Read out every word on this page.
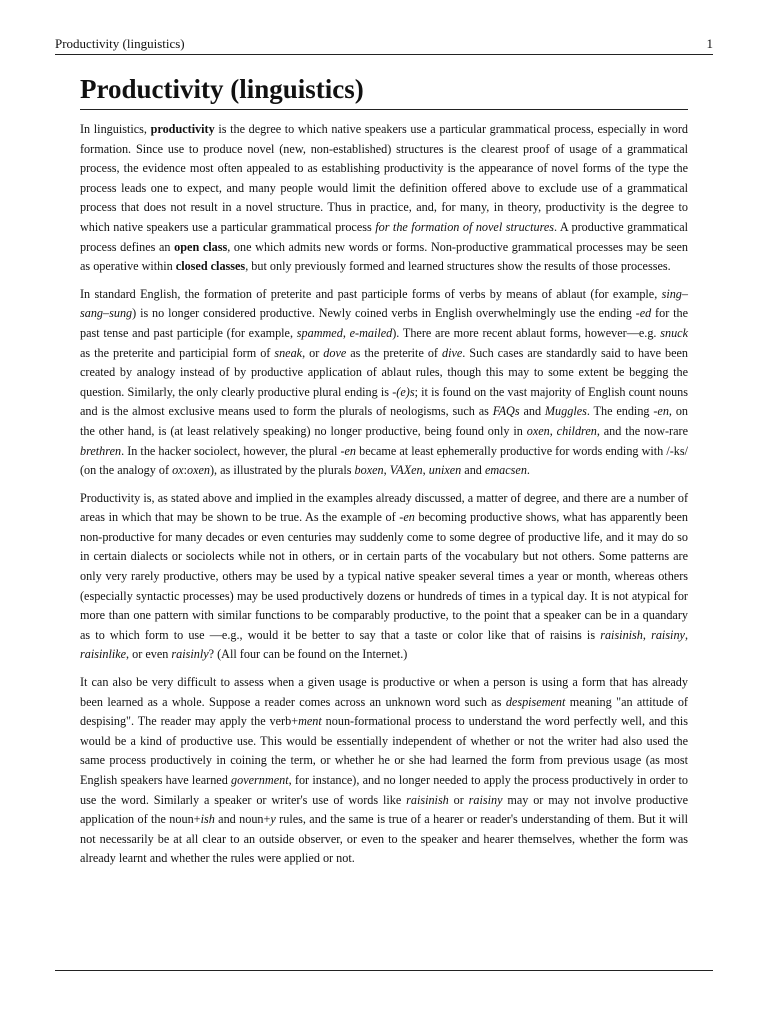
Productivity (linguistics)	1
Productivity (linguistics)

In linguistics, productivity is the degree to which native speakers use a particular grammatical process, especially in word formation. Since use to produce novel (new, non-established) structures is the clearest proof of usage of a grammatical process, the evidence most often appealed to as establishing productivity is the appearance of novel forms of the type the process leads one to expect, and many people would limit the definition offered above to exclude use of a grammatical process that does not result in a novel structure. Thus in practice, and, for many, in theory, productivity is the degree to which native speakers use a particular grammatical process for the formation of novel structures. A productive grammatical process defines an open class, one which admits new words or forms. Non-productive grammatical processes may be seen as operative within closed classes, but only previously formed and learned structures show the results of those processes.

In standard English, the formation of preterite and past participle forms of verbs by means of ablaut (for example, sing–sang–sung) is no longer considered productive. Newly coined verbs in English overwhelmingly use the ending -ed for the past tense and past participle (for example, spammed, e-mailed). There are more recent ablaut forms, however—e.g. snuck as the preterite and participial form of sneak, or dove as the preterite of dive. Such cases are standardly said to have been created by analogy instead of by productive application of ablaut rules, though this may to some extent be begging the question. Similarly, the only clearly productive plural ending is -(e)s; it is found on the vast majority of English count nouns and is the almost exclusive means used to form the plurals of neologisms, such as FAQs and Muggles. The ending -en, on the other hand, is (at least relatively speaking) no longer productive, being found only in oxen, children, and the now-rare brethren. In the hacker sociolect, however, the plural -en became at least ephemerally productive for words ending with /-ks/ (on the analogy of ox:oxen), as illustrated by the plurals boxen, VAXen, unixen and emacsen.

Productivity is, as stated above and implied in the examples already discussed, a matter of degree, and there are a number of areas in which that may be shown to be true. As the example of -en becoming productive shows, what has apparently been non-productive for many decades or even centuries may suddenly come to some degree of productive life, and it may do so in certain dialects or sociolects while not in others, or in certain parts of the vocabulary but not others. Some patterns are only very rarely productive, others may be used by a typical native speaker several times a year or month, whereas others (especially syntactic processes) may be used productively dozens or hundreds of times in a typical day. It is not atypical for more than one pattern with similar functions to be comparably productive, to the point that a speaker can be in a quandary as to which form to use —e.g., would it be better to say that a taste or color like that of raisins is raisinish, raisiny, raisinlike, or even raisinly? (All four can be found on the Internet.)

It can also be very difficult to assess when a given usage is productive or when a person is using a form that has already been learned as a whole. Suppose a reader comes across an unknown word such as despisement meaning "an attitude of despising". The reader may apply the verb+ment noun-formational process to understand the word perfectly well, and this would be a kind of productive use. This would be essentially independent of whether or not the writer had also used the same process productively in coining the term, or whether he or she had learned the form from previous usage (as most English speakers have learned government, for instance), and no longer needed to apply the process productively in order to use the word. Similarly a speaker or writer's use of words like raisinish or raisiny may or may not involve productive application of the noun+ish and noun+y rules, and the same is true of a hearer or reader's understanding of them. But it will not necessarily be at all clear to an outside observer, or even to the speaker and hearer themselves, whether the form was already learnt and whether the rules were applied or not.
